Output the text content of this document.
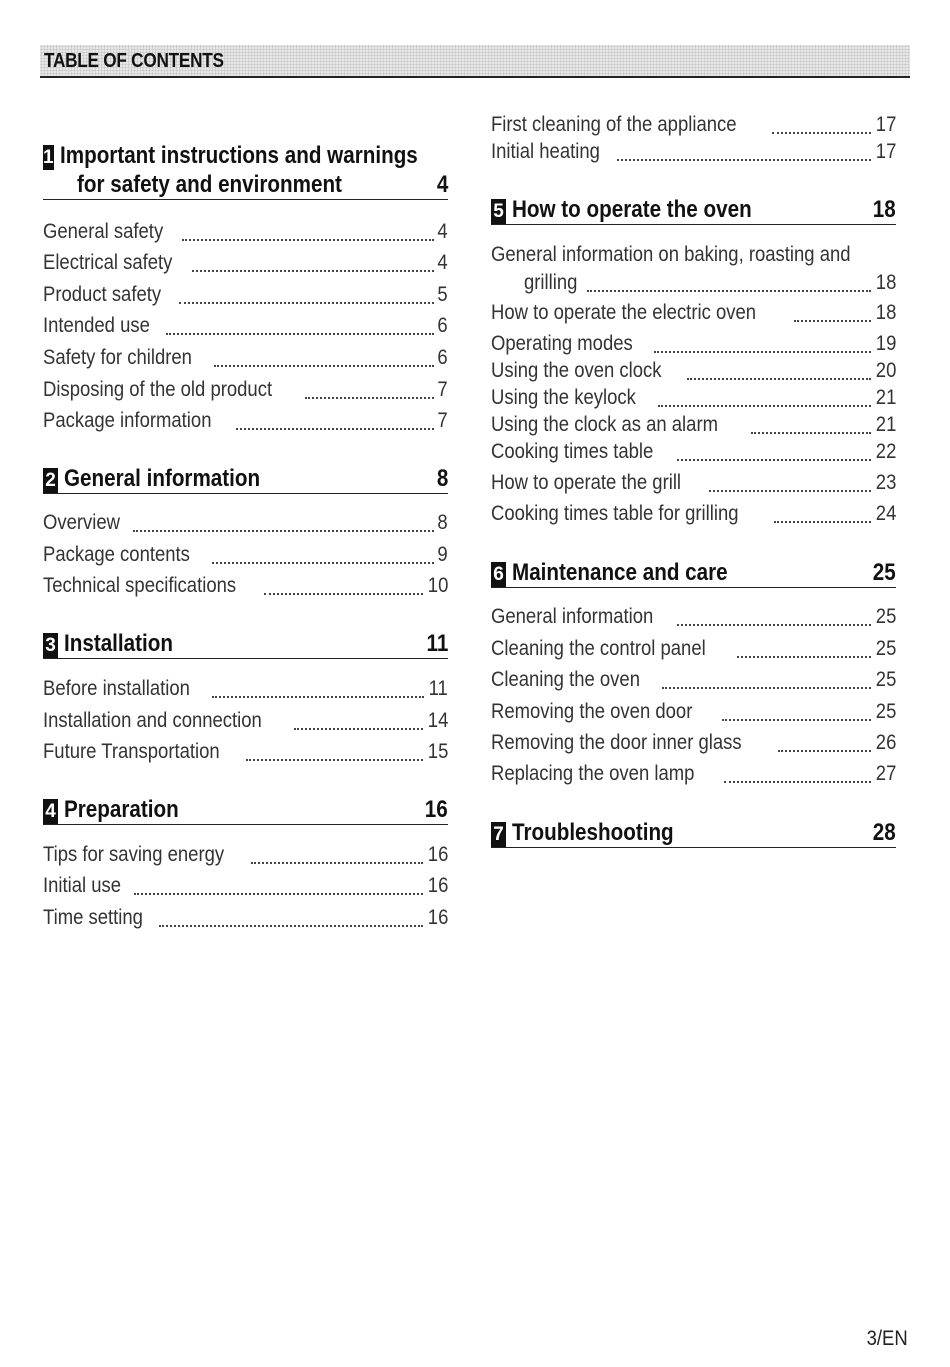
TABLE OF CONTENTS
1 Important instructions and warnings
for safety and environment	4
General safety	4
Electrical safety	4
Product safety	5
Intended use	6
Safety for children	6
Disposing of the old product	7
Package information	7
2 General information	8
Overview	8
Package contents	9
Technical specifications	10
3 Installation	11
Before installation	11
Installation and connection	14
Future Transportation	15
4 Preparation	16
Tips for saving energy	16
Initial use	16
Time setting	16
First cleaning of the appliance	17
Initial heating	17
5 How to operate the oven	18
General information on baking, roasting and
grilling	18
How to operate the electric oven	18
Operating modes	19
Using the oven clock	20
Using the keylock	21
Using the clock as an alarm	21
Cooking times table	22
How to operate the grill	23
Cooking times table for grilling	24
6 Maintenance and care	25
General information	25
Cleaning the control panel	25
Cleaning the oven	25
Removing the oven door	25
Removing the door inner glass	26
Replacing the oven lamp	27
7 Troubleshooting	28
3/EN
